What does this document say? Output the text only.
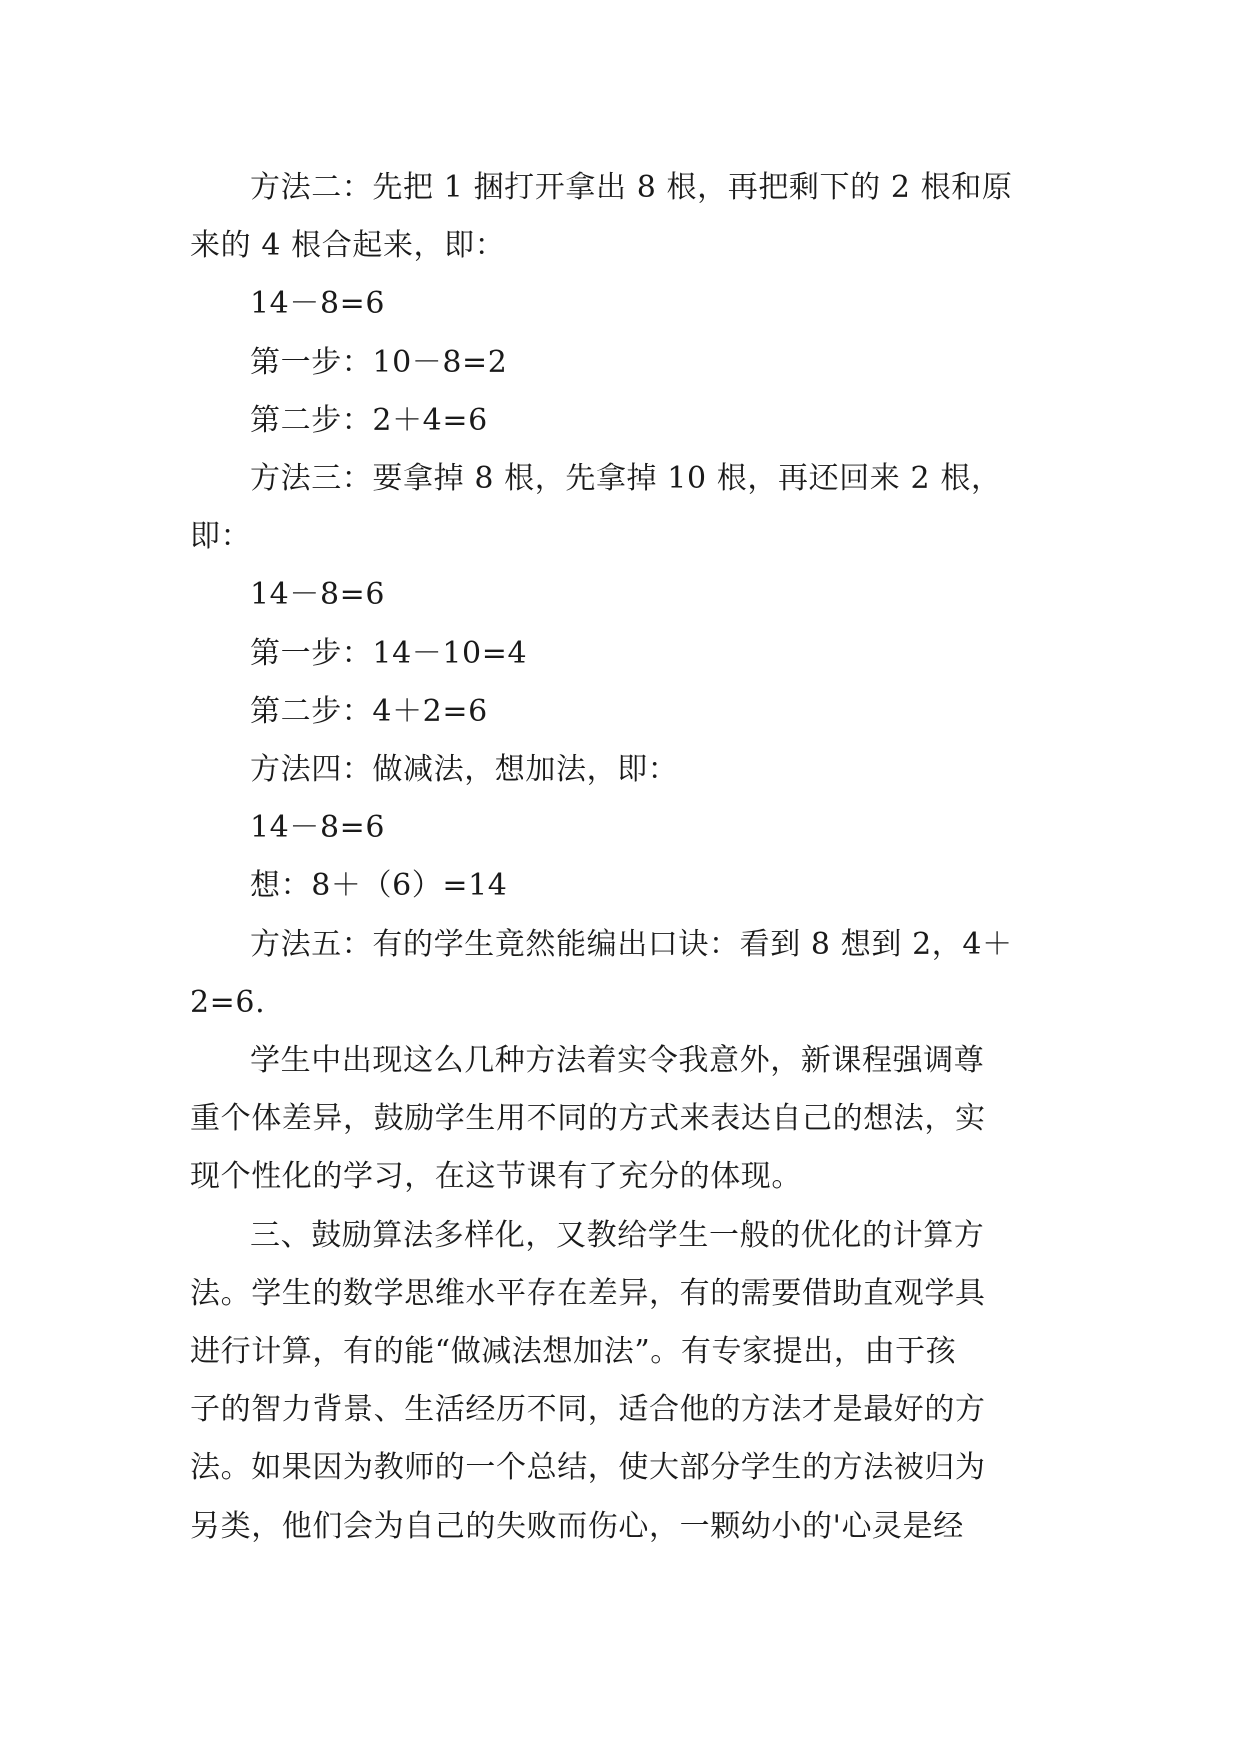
方法二：先把 1 捆打开拿出 8 根，再把剩下的 2 根和原
来的 4 根合起来，即：
14－8=6
第一步：10－8=2
第二步：2＋4=6
方法三：要拿掉 8 根，先拿掉 10 根，再还回来 2 根，
即：
14－8=6
第一步：14－10=4
第二步：4＋2=6
方法四：做减法，想加法，即：
14－8=6
想：8＋（6）=14
方法五：有的学生竟然能编出口诀：看到 8 想到 2，4＋
2=6.
学生中出现这么几种方法着实令我意外，新课程强调尊
重个体差异，鼓励学生用不同的方式来表达自己的想法，实
现个性化的学习，在这节课有了充分的体现。
三、鼓励算法多样化，又教给学生一般的优化的计算方
法。学生的数学思维水平存在差异，有的需要借助直观学具
进行计算，有的能“做减法想加法”。有专家提出，由于孩
子的智力背景、生活经历不同，适合他的方法才是最好的方
法。如果因为教师的一个总结，使大部分学生的方法被归为
另类，他们会为自己的失败而伤心，一颗幼小的'心灵是经
